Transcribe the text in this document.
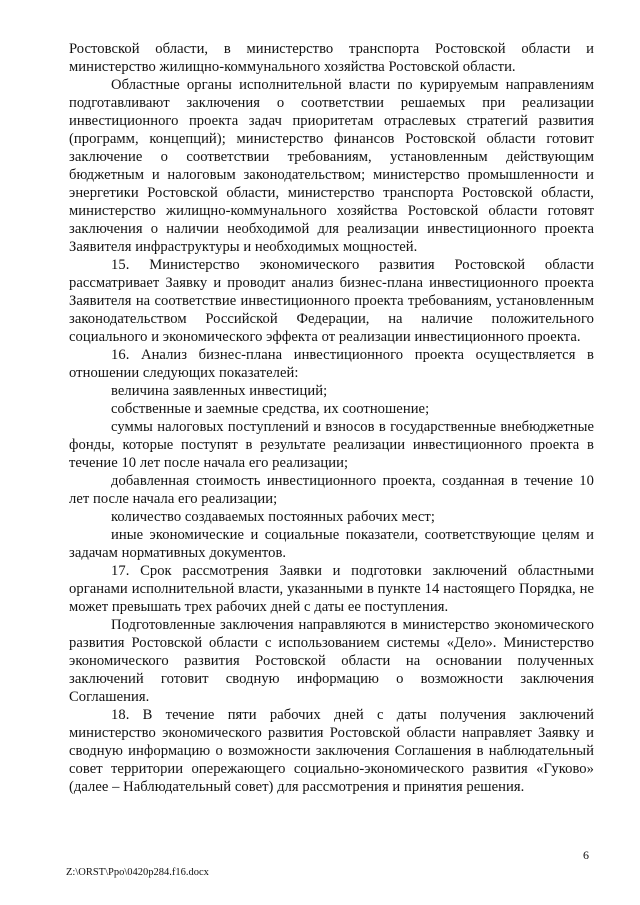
Ростовской области, в министерство транспорта Ростовской области и министерство жилищно-коммунального хозяйства Ростовской области.

Областные органы исполнительной власти по курируемым направлениям подготавливают заключения о соответствии решаемых при реализации инвестиционного проекта задач приоритетам отраслевых стратегий развития (программ, концепций); министерство финансов Ростовской области готовит заключение о соответствии требованиям, установленным действующим бюджетным и налоговым законодательством; министерство промышленности и энергетики Ростовской области, министерство транспорта Ростовской области, министерство жилищно-коммунального хозяйства Ростовской области готовят заключения о наличии необходимой для реализации инвестиционного проекта Заявителя инфраструктуры и необходимых мощностей.

15. Министерство экономического развития Ростовской области рассматривает Заявку и проводит анализ бизнес-плана инвестиционного проекта Заявителя на соответствие инвестиционного проекта требованиям, установленным законодательством Российской Федерации, на наличие положительного социального и экономического эффекта от реализации инвестиционного проекта.

16. Анализ бизнес-плана инвестиционного проекта осуществляется в отношении следующих показателей:

величина заявленных инвестиций;

собственные и заемные средства, их соотношение;

суммы налоговых поступлений и взносов в государственные внебюджетные фонды, которые поступят в результате реализации инвестиционного проекта в течение 10 лет после начала его реализации;

добавленная стоимость инвестиционного проекта, созданная в течение 10 лет после начала его реализации;

количество создаваемых постоянных рабочих мест;

иные экономические и социальные показатели, соответствующие целям и задачам нормативных документов.

17. Срок рассмотрения Заявки и подготовки заключений областными органами исполнительной власти, указанными в пункте 14 настоящего Порядка, не может превышать трех рабочих дней с даты ее поступления.

Подготовленные заключения направляются в министерство экономического развития Ростовской области с использованием системы «Дело». Министерство экономического развития Ростовской области на основании полученных заключений готовит сводную информацию о возможности заключения Соглашения.

18. В течение пяти рабочих дней с даты получения заключений министерство экономического развития Ростовской области направляет Заявку и сводную информацию о возможности заключения Соглашения в наблюдательный совет территории опережающего социально-экономического развития «Гуково» (далее – Наблюдательный совет) для рассмотрения и принятия решения.

6
Z:\ORST\Ppo\0420p284.f16.docx
